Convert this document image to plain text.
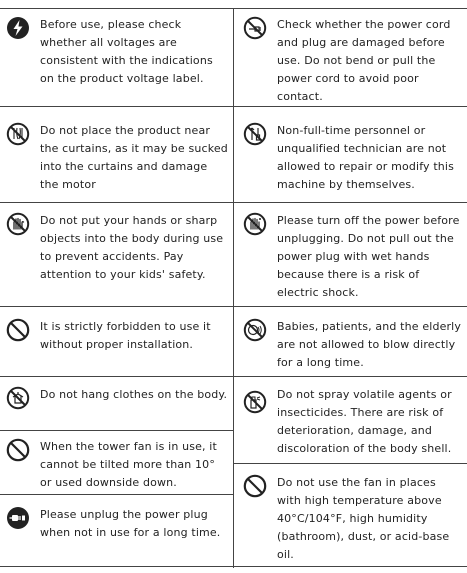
Before use, please check whether all voltages are consistent with the indications on the product voltage label.
Do not place the product near the curtains, as it may be sucked into the curtains and damage the motor
Do not put your hands or sharp objects into the body during use to prevent accidents. Pay attention to your kids' safety.
It is strictly forbidden to use it without proper installation.
Do not hang clothes on the body.
When the tower fan is in use, it cannot be tilted more than 10° or used downside down.
Please unplug the power plug when not in use for a long time.
Check whether the power cord and plug are damaged before use. Do not bend or pull the power cord to avoid poor contact.
Non-full-time personnel or unqualified technician are not allowed to repair or modify this machine by themselves.
Please turn off the power before unplugging. Do not pull out the power plug with wet hands because there is a risk of electric shock.
Babies, patients, and the elderly are not allowed to blow directly for a long time.
Do not spray volatile agents or insecticides. There are risk of deterioration, damage, and discoloration of the body shell.
Do not use the fan in places with high temperature above 40°C/104°F, high humidity (bathroom), dust, or acid-base oil.
